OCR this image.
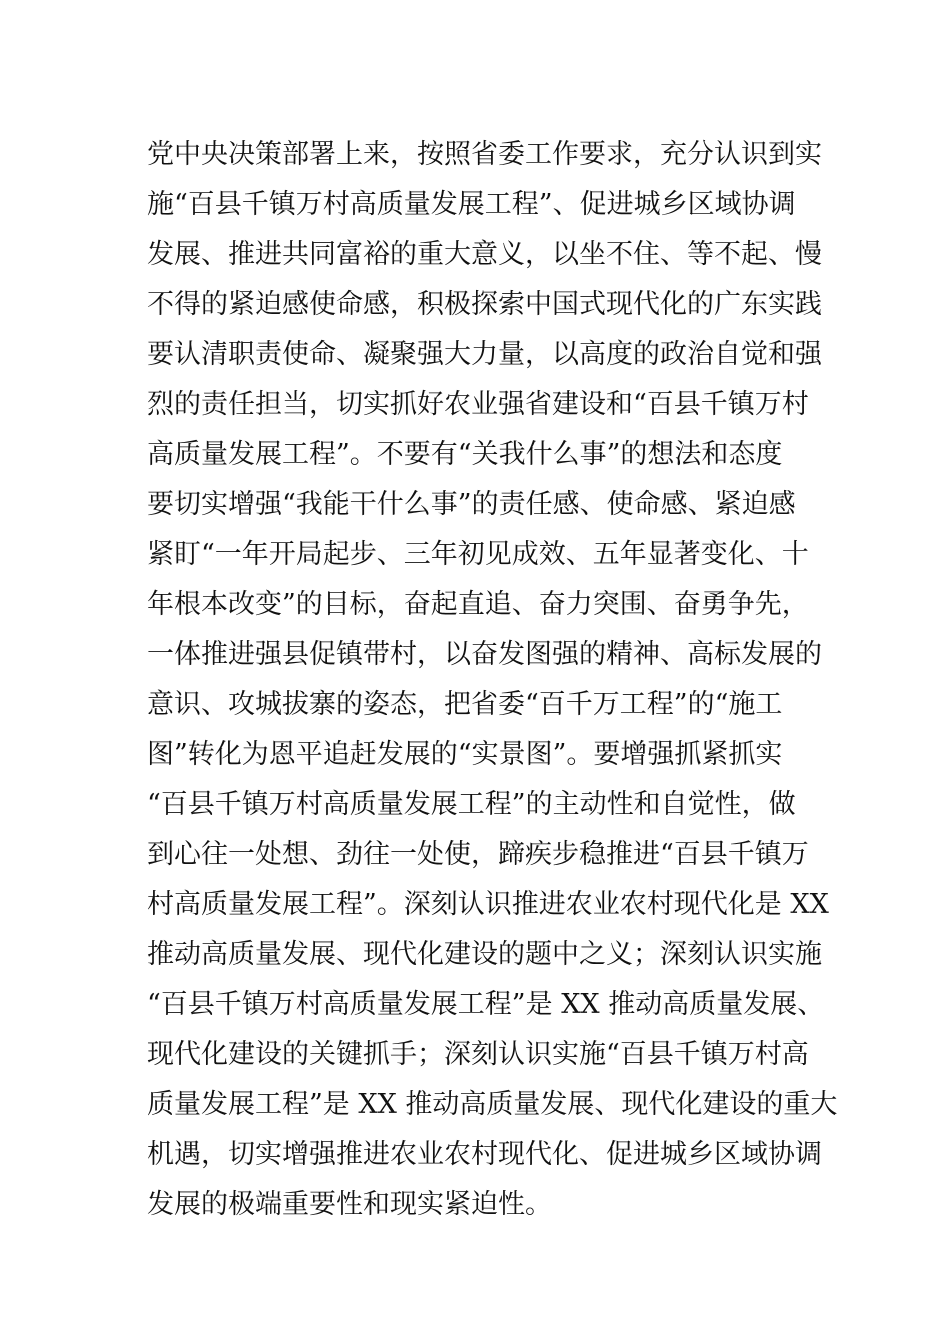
党中央决策部署上来，按照省委工作要求，充分认识到实
施“百县千镇万村高质量发展工程”、促进城乡区域协调
发展、推进共同富裕的重大意义，以坐不住、等不起、慢
不得的紧迫感使命感，积极探索中国式现代化的广东实践
要认清职责使命、凝聚强大力量，以高度的政治自觉和强
烈的责任担当，切实抓好农业强省建设和“百县千镇万村
高质量发展工程”。不要有“关我什么事”的想法和态度
要切实增强“我能干什么事”的责任感、使命感、紧迫感
紧盯“一年开局起步、三年初见成效、五年显著变化、十
年根本改变”的目标，奋起直追、奋力突围、奋勇争先，
一体推进强县促镇带村，以奋发图强的精神、高标发展的
意识、攻城拔寨的姿态，把省委“百千万工程”的“施工
图”转化为恩平追赶发展的“实景图”。要增强抓紧抓实
“百县千镇万村高质量发展工程”的主动性和自觉性，做
到心往一处想、劲往一处使，蹄疾步稳推进“百县千镇万
村高质量发展工程”。深刻认识推进农业农村现代化是 XX
推动高质量发展、现代化建设的题中之义；深刻认识实施
“百县千镇万村高质量发展工程”是 XX 推动高质量发展、
现代化建设的关键抓手；深刻认识实施“百县千镇万村高
质量发展工程”是 XX 推动高质量发展、现代化建设的重大
机遇，切实增强推进农业农村现代化、促进城乡区域协调
发展的极端重要性和现实紧迫性。
